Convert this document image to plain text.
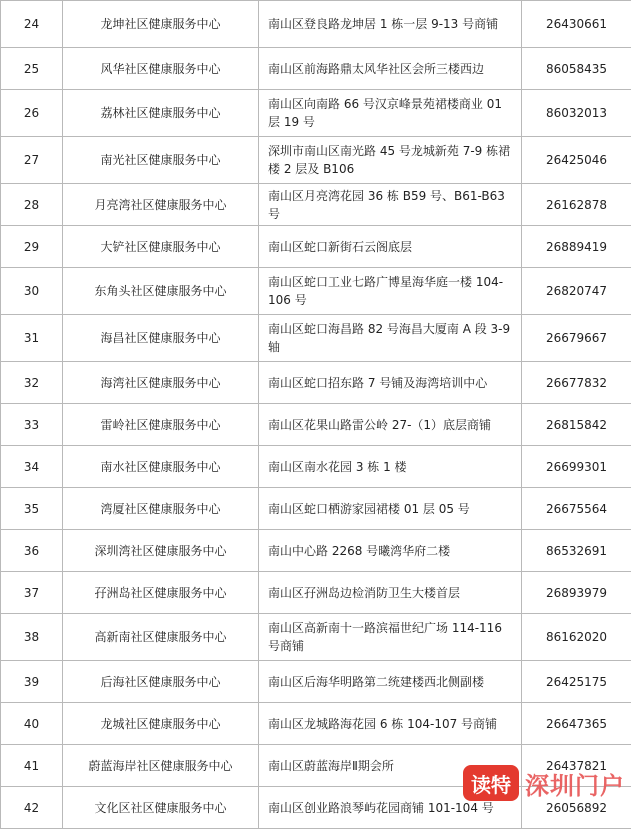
24	龙坤社区健康服务中心	南山区登良路龙坤居 1 栋一层 9-13 号商铺	26430661
25	风华社区健康服务中心	南山区前海路鼎太风华社区会所三楼西边	86058435
26	荔林社区健康服务中心	南山区向南路 66 号汉京峰景苑裙楼商业 01 层 19 号	86032013
27	南光社区健康服务中心	深圳市南山区南光路 45 号龙城新苑 7-9 栋裙楼 2 层及 B106	26425046
28	月亮湾社区健康服务中心	南山区月亮湾花园 36 栋 B59 号、B61-B63 号	26162878
29	大铲社区健康服务中心	南山区蛇口新街石云阁底层	26889419
30	东角头社区健康服务中心	南山区蛇口工业七路广博星海华庭一楼 104-106 号	26820747
31	海昌社区健康服务中心	南山区蛇口海昌路 82 号海昌大厦南 A 段 3-9 轴	26679667
32	海湾社区健康服务中心	南山区蛇口招东路 7 号铺及海湾培训中心	26677832
33	雷岭社区健康服务中心	南山区花果山路雷公岭 27-（1）底层商铺	26815842
34	南水社区健康服务中心	南山区南水花园 3 栋 1 楼	26699301
35	湾厦社区健康服务中心	南山区蛇口栖游家园裙楼 01 层 05 号	26675564
36	深圳湾社区健康服务中心	南山中心路 2268 号曦湾华府二楼	86532691
37	孖洲岛社区健康服务中心	南山区孖洲岛边检消防卫生大楼首层	26893979
38	高新南社区健康服务中心	南山区高新南十一路滨福世纪广场 114-116 号商铺	86162020
39	后海社区健康服务中心	南山区后海华明路第二统建楼西北侧副楼	26425175
40	龙城社区健康服务中心	南山区龙城路海花园 6 栋 104-107 号商铺	26647365
41	蔚蓝海岸社区健康服务中心	南山区蔚蓝海岸Ⅱ期会所	26437821
42	文化区社区健康服务中心	南山区创业路浪琴屿花园商铺 101-104 号	26056892
读特 深圳门户
